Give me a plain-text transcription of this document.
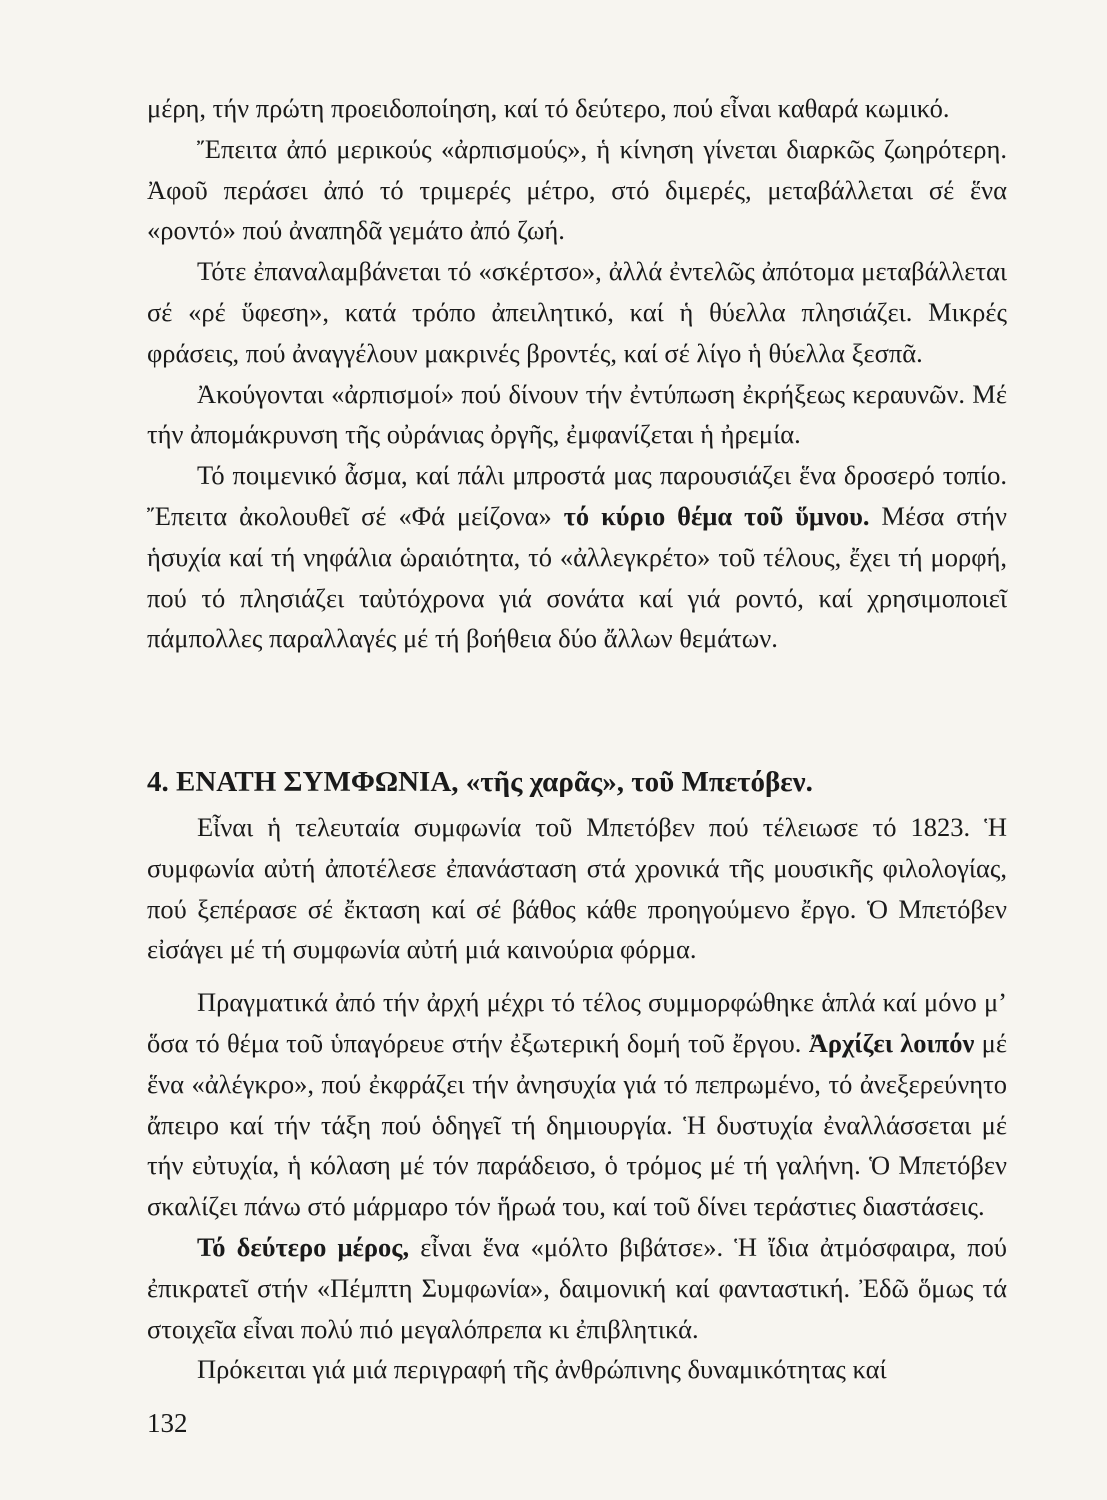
μέρη, τήν πρώτη προειδοποίηση, καί τό δεύτερο, πού εἶναι καθαρά κωμικό.

Ἔπειτα ἀπό μερικούς «ἀρπισμούς», ἡ κίνηση γίνεται διαρκῶς ζωηρότερη. Ἀφοῦ περάσει ἀπό τό τριμερές μέτρο, στό διμερές, μεταβάλλεται σέ ἕνα «ροντό» πού ἀναπηδᾶ γεμάτο ἀπό ζωή.

Τότε ἐπαναλαμβάνεται τό «σκέρτσο», ἀλλά ἐντελῶς ἀπότομα μεταβάλλεται σέ «ρέ ὕφεση», κατά τρόπο ἀπειλητικό, καί ἡ θύελλα πλησιάζει. Μικρές φράσεις, πού ἀναγγέλουν μακρινές βροντές, καί σέ λίγο ἡ θύελλα ξεσπᾶ.

Ἀκούγονται «ἀρπισμοί» πού δίνουν τήν ἐντύπωση ἐκρήξεως κεραυνῶν. Μέ τήν ἀπομάκρυνση τῆς οὐράνιας ὀργῆς, ἐμφανίζεται ἡ ἠρεμία.

Τό ποιμενικό ἆσμα, καί πάλι μπροστά μας παρουσιάζει ἕνα δροσερό τοπίο. Ἔπειτα ἀκολουθεῖ σέ «Φά μείζονα» τό κύριο θέμα τοῦ ὕμνου. Μέσα στήν ἡσυχία καί τή νηφάλια ὡραιότητα, τό «ἀλλεγκρέτο» τοῦ τέλους, ἔχει τή μορφή, πού τό πλησιάζει ταὐτόχρονα γιά σονάτα καί γιά ροντό, καί χρησιμοποιεῖ πάμπολλες παραλλαγές μέ τή βοήθεια δύο ἄλλων θεμάτων.

4. ΕΝΑΤΗ ΣΥΜΦΩΝΙΑ, «τῆς χαρᾶς», τοῦ Μπετόβεν.

Εἶναι ἡ τελευταία συμφωνία τοῦ Μπετόβεν πού τέλειωσε τό 1823. Ἡ συμφωνία αὐτή ἀποτέλεσε ἐπανάσταση στά χρονικά τῆς μουσικῆς φιλολογίας, πού ξεπέρασε σέ ἔκταση καί σέ βάθος κάθε προηγούμενο ἔργο. Ὁ Μπετόβεν εἰσάγει μέ τή συμφωνία αὐτή μιά καινούρια φόρμα.

Πραγματικά ἀπό τήν ἀρχή μέχρι τό τέλος συμμορφώθηκε ἁπλά καί μόνο μ’ ὅσα τό θέμα τοῦ ὑπαγόρευε στήν ἐξωτερική δομή τοῦ ἔργου. Ἀρχίζει λοιπόν μέ ἕνα «ἀλέγκρο», πού ἐκφράζει τήν ἀνησυχία γιά τό πεπρωμένο, τό ἀνεξερεύνητο ἄπειρο καί τήν τάξη πού ὁδηγεῖ τή δημιουργία. Ἡ δυστυχία ἐναλλάσσεται μέ τήν εὐτυχία, ἡ κόλαση μέ τόν παράδεισο, ὁ τρόμος μέ τή γαλήνη. Ὁ Μπετόβεν σκαλίζει πάνω στό μάρμαρο τόν ἥρωά του, καί τοῦ δίνει τεράστιες διαστάσεις.

Τό δεύτερο μέρος, εἶναι ἕνα «μόλτο βιβάτσε». Ἡ ἴδια ἀτμόσφαιρα, πού ἐπικρατεῖ στήν «Πέμπτη Συμφωνία», δαιμονική καί φανταστική. Ἐδῶ ὅμως τά στοιχεῖα εἶναι πολύ πιό μεγαλόπρεπα κι ἐπιβλητικά.

Πρόκειται γιά μιά περιγραφή τῆς ἀνθρώπινης δυναμικότητας καί

132
